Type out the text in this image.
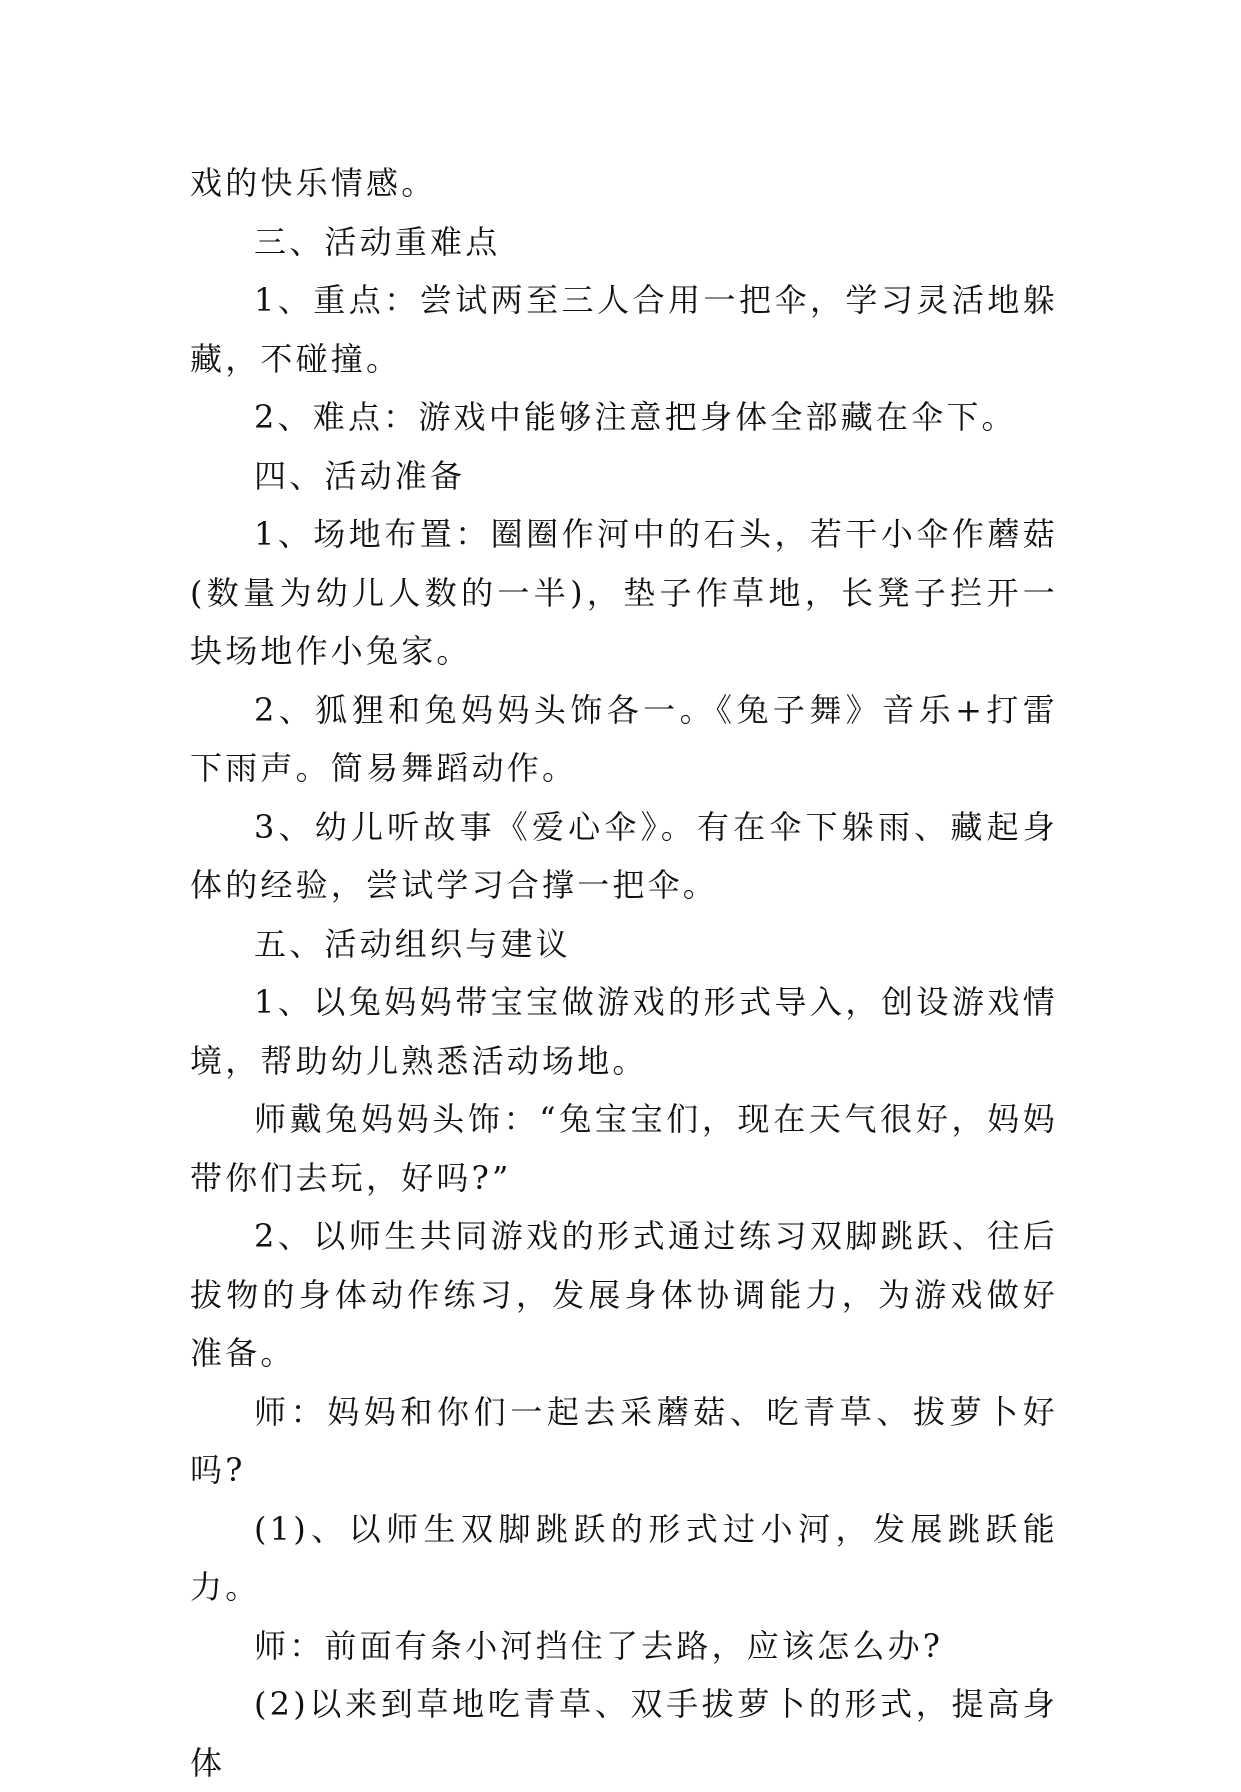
戏的快乐情感。

三、活动重难点

1、重点：尝试两至三人合用一把伞，学习灵活地躲藏，不碰撞。

2、难点：游戏中能够注意把身体全部藏在伞下。

四、活动准备

1、场地布置：圈圈作河中的石头，若干小伞作蘑菇(数量为幼儿人数的一半)，垫子作草地，长凳子拦开一块场地作小兔家。

2、狐狸和兔妈妈头饰各一。《兔子舞》音乐+打雷下雨声。简易舞蹈动作。

3、幼儿听故事《爱心伞》。有在伞下躲雨、藏起身体的经验，尝试学习合撑一把伞。

五、活动组织与建议

1、以兔妈妈带宝宝做游戏的形式导入，创设游戏情境，帮助幼儿熟悉活动场地。

师戴兔妈妈头饰：“兔宝宝们，现在天气很好，妈妈带你们去玩，好吗?”

2、以师生共同游戏的形式通过练习双脚跳跃、往后拔物的身体动作练习，发展身体协调能力，为游戏做好准备。

师：妈妈和你们一起去采蘑菇、吃青草、拔萝卜好吗?

(1)、以师生双脚跳跃的形式过小河，发展跳跃能力。

师：前面有条小河挡住了去路，应该怎么办?

(2)以来到草地吃青草、双手拔萝卜的形式，提高身体
